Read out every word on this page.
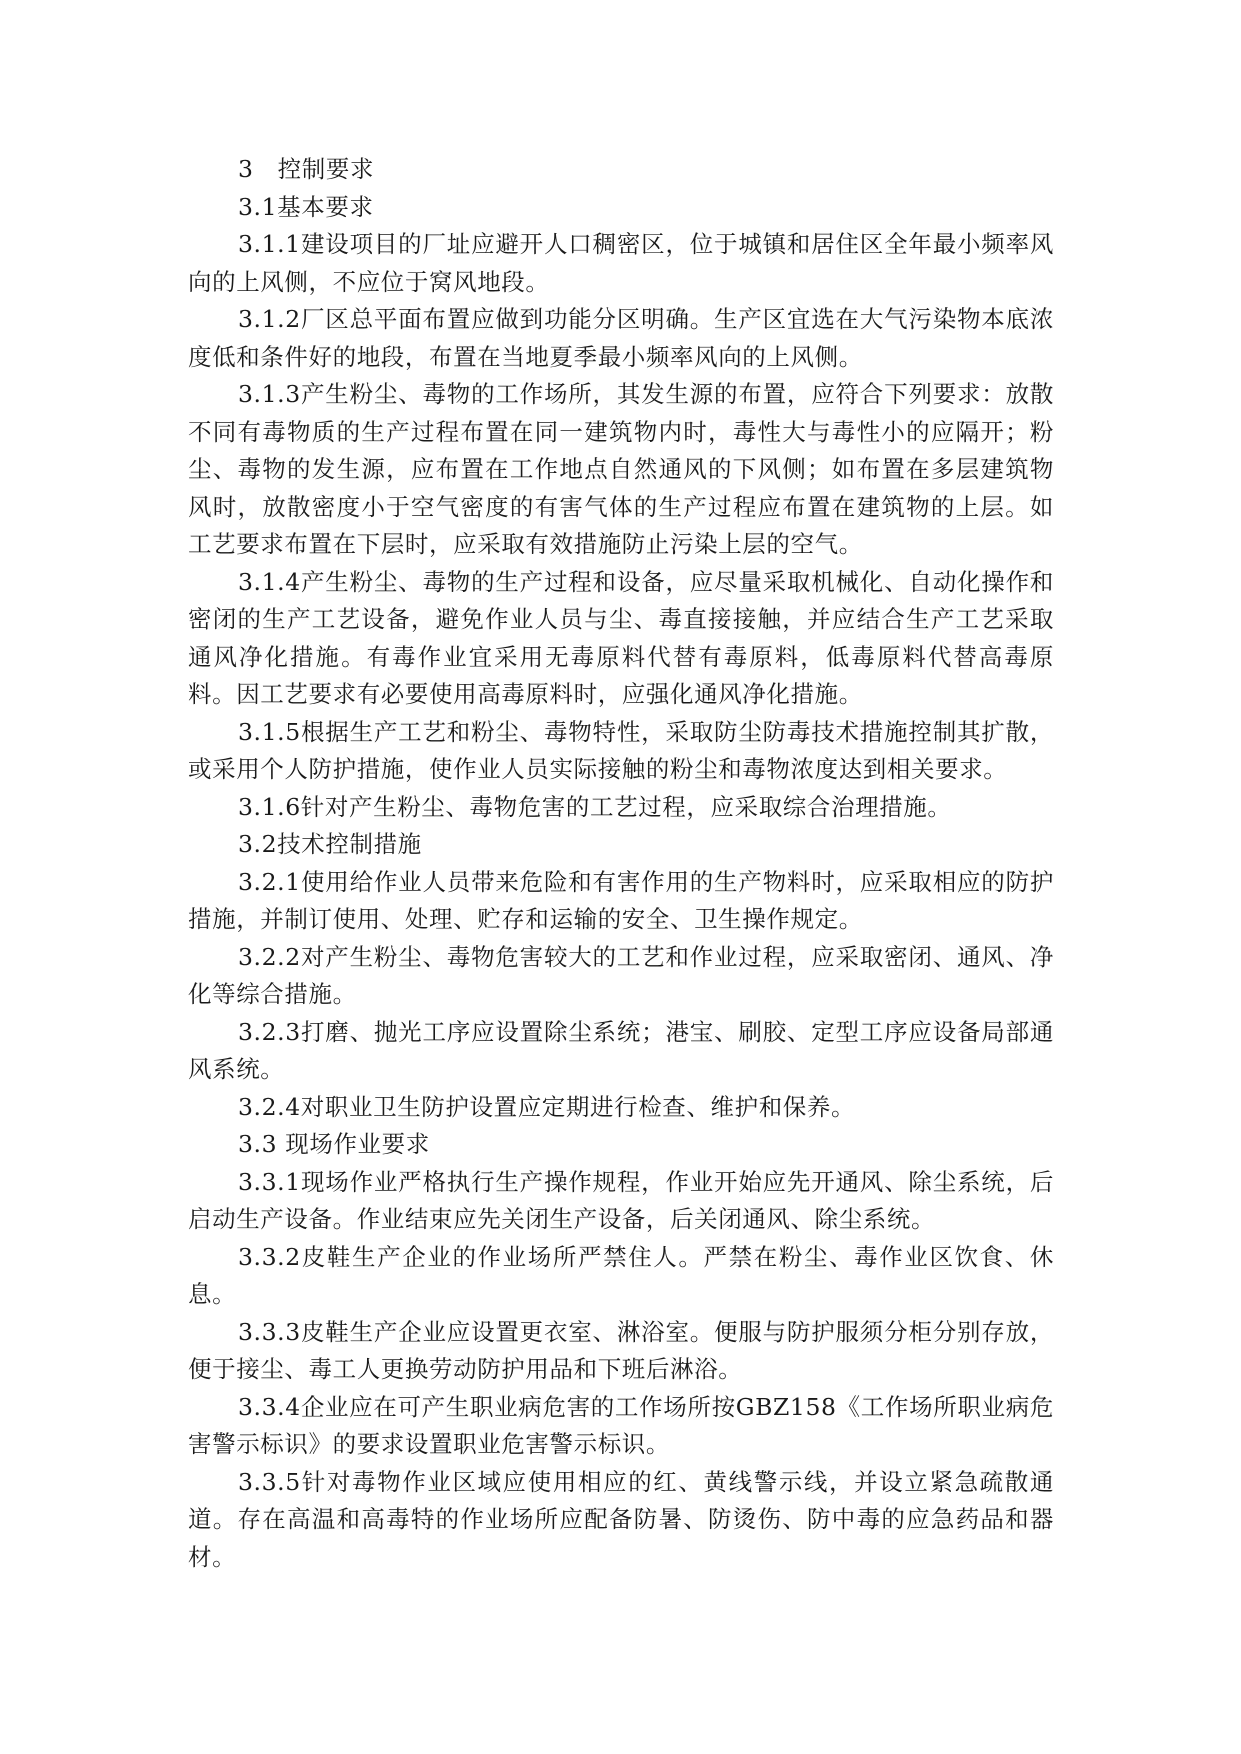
3　控制要求

3.1基本要求

3.1.1建设项目的厂址应避开人口稠密区，位于城镇和居住区全年最小频率风向的上风侧，不应位于窝风地段。

3.1.2厂区总平面布置应做到功能分区明确。生产区宜选在大气污染物本底浓度低和条件好的地段，布置在当地夏季最小频率风向的上风侧。

3.1.3产生粉尘、毒物的工作场所，其发生源的布置，应符合下列要求：放散不同有毒物质的生产过程布置在同一建筑物内时，毒性大与毒性小的应隔开；粉尘、毒物的发生源，应布置在工作地点自然通风的下风侧；如布置在多层建筑物风时，放散密度小于空气密度的有害气体的生产过程应布置在建筑物的上层。如工艺要求布置在下层时，应采取有效措施防止污染上层的空气。

3.1.4产生粉尘、毒物的生产过程和设备，应尽量采取机械化、自动化操作和密闭的生产工艺设备，避免作业人员与尘、毒直接接触，并应结合生产工艺采取通风净化措施。有毒作业宜采用无毒原料代替有毒原料，低毒原料代替高毒原料。因工艺要求有必要使用高毒原料时，应强化通风净化措施。

3.1.5根据生产工艺和粉尘、毒物特性，采取防尘防毒技术措施控制其扩散，或采用个人防护措施，使作业人员实际接触的粉尘和毒物浓度达到相关要求。

3.1.6针对产生粉尘、毒物危害的工艺过程，应采取综合治理措施。

3.2技术控制措施

3.2.1使用给作业人员带来危险和有害作用的生产物料时，应采取相应的防护措施，并制订使用、处理、贮存和运输的安全、卫生操作规定。

3.2.2对产生粉尘、毒物危害较大的工艺和作业过程，应采取密闭、通风、净化等综合措施。

3.2.3打磨、抛光工序应设置除尘系统；港宝、刷胶、定型工序应设备局部通风系统。

3.2.4对职业卫生防护设置应定期进行检查、维护和保养。

3.3 现场作业要求

3.3.1现场作业严格执行生产操作规程，作业开始应先开通风、除尘系统，后启动生产设备。作业结束应先关闭生产设备，后关闭通风、除尘系统。

3.3.2皮鞋生产企业的作业场所严禁住人。严禁在粉尘、毒作业区饮食、休息。

3.3.3皮鞋生产企业应设置更衣室、淋浴室。便服与防护服须分柜分别存放，便于接尘、毒工人更换劳动防护用品和下班后淋浴。

3.3.4企业应在可产生职业病危害的工作场所按GBZ158《工作场所职业病危害警示标识》的要求设置职业危害警示标识。

3.3.5针对毒物作业区域应使用相应的红、黄线警示线，并设立紧急疏散通道。存在高温和高毒特的作业场所应配备防暑、防烫伤、防中毒的应急药品和器材。
